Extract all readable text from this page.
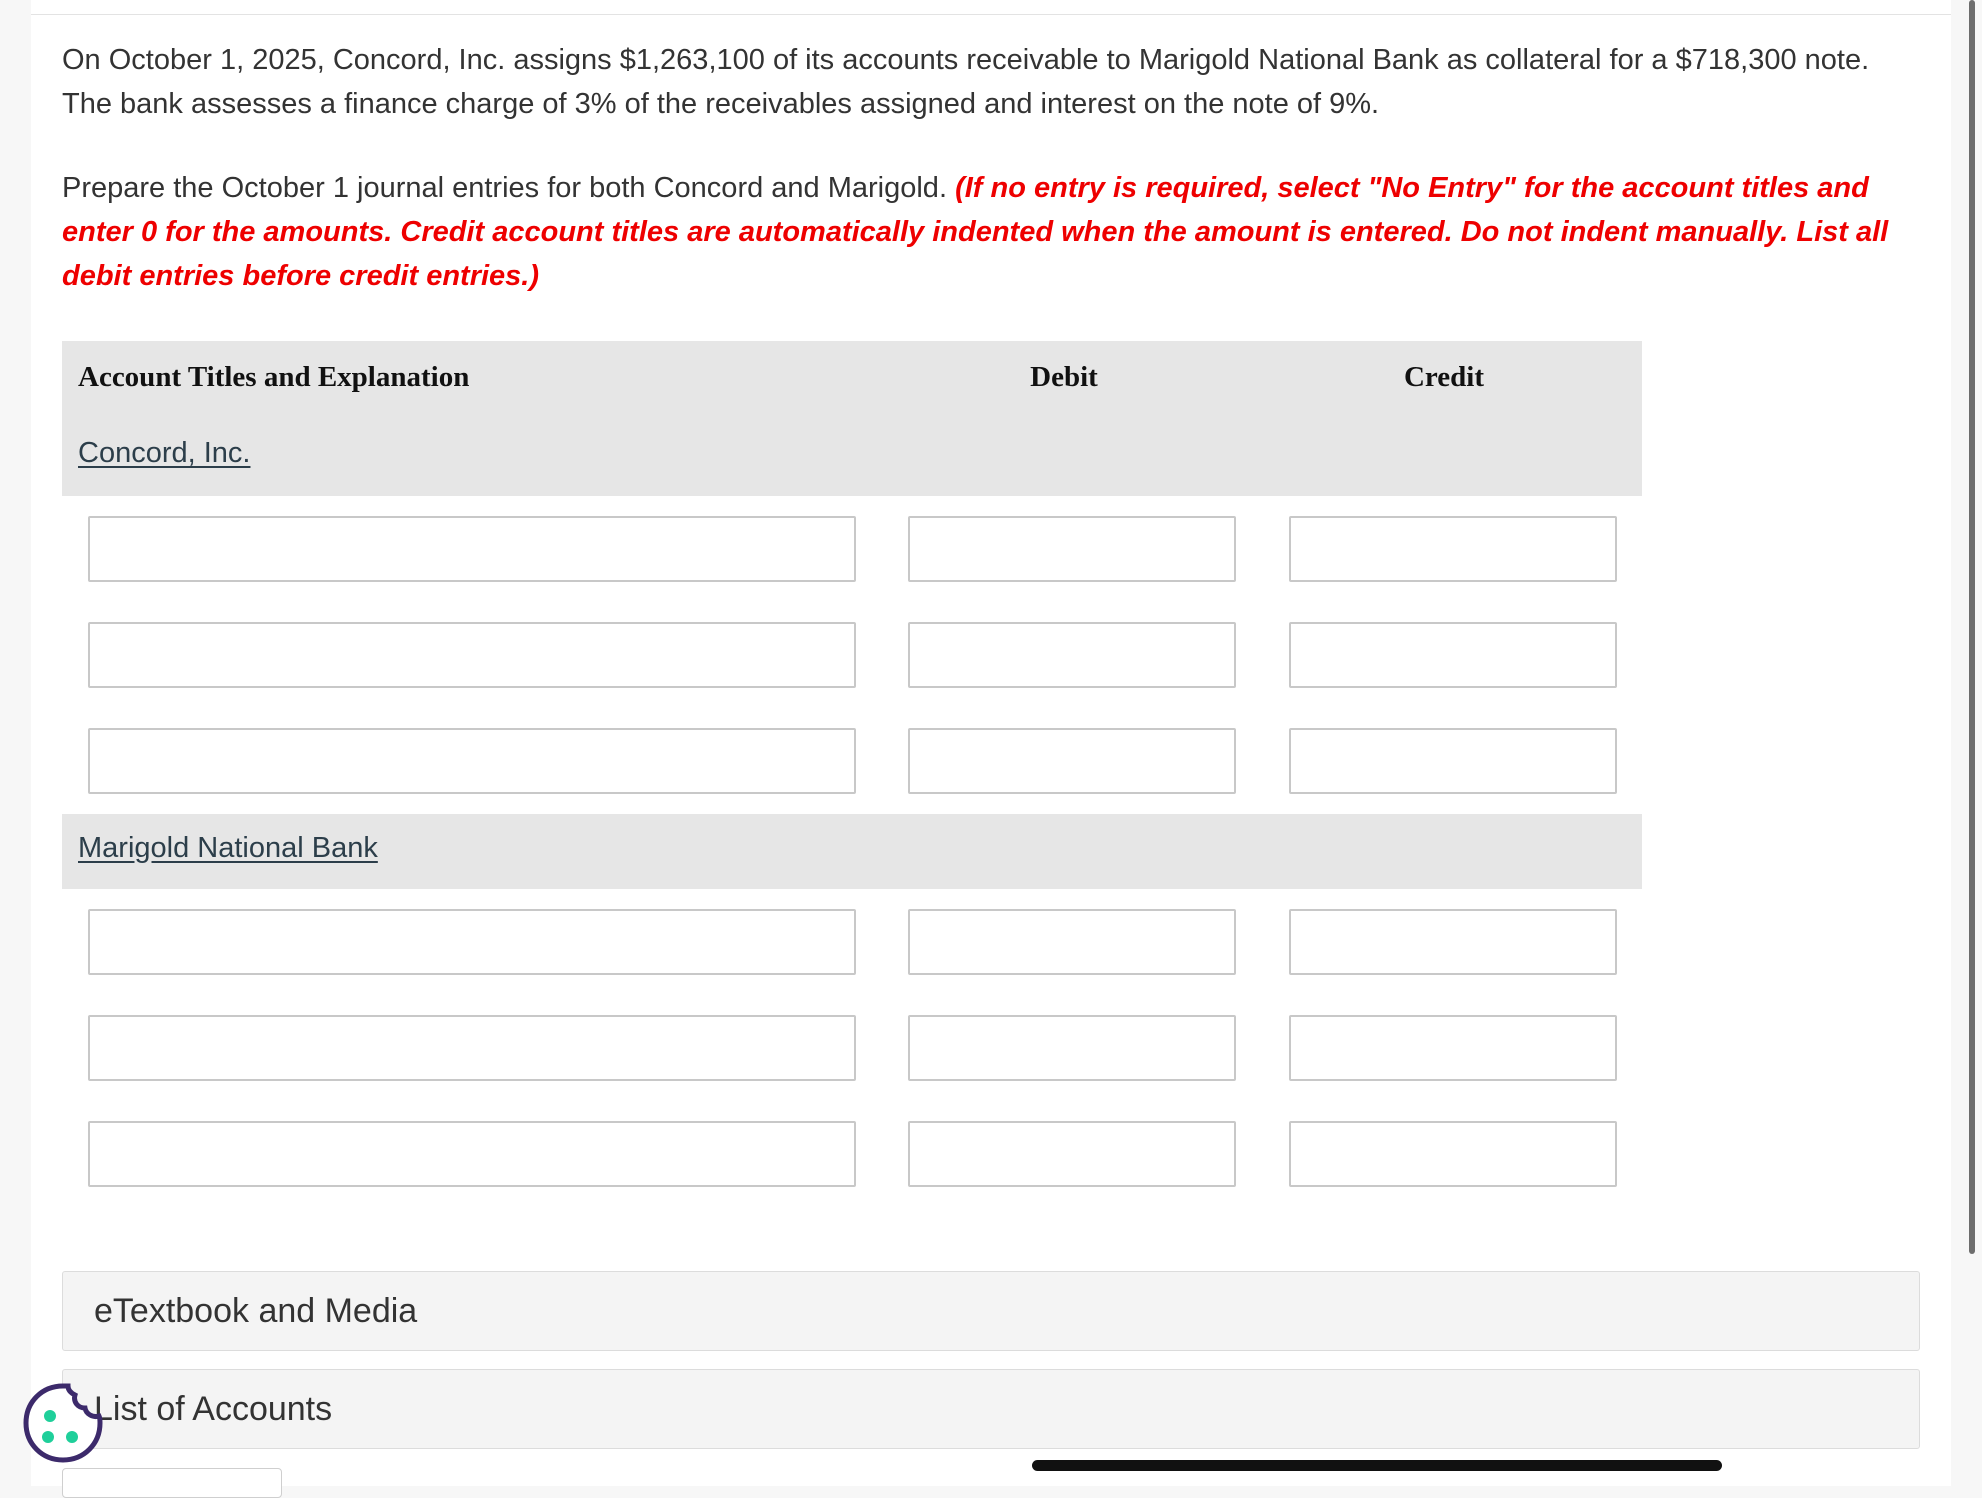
On October 1, 2025, Concord, Inc. assigns $1,263,100 of its accounts receivable to Marigold National Bank as collateral for a $718,300 note. The bank assesses a finance charge of 3% of the receivables assigned and interest on the note of 9%.

Prepare the October 1 journal entries for both Concord and Marigold. (If no entry is required, select "No Entry" for the account titles and enter 0 for the amounts. Credit account titles are automatically indented when the amount is entered. Do not indent manually. List all debit entries before credit entries.)

Account Titles and Explanation	Debit	Credit
Concord, Inc.
Marigold National Bank
eTextbook and Media
List of Accounts
